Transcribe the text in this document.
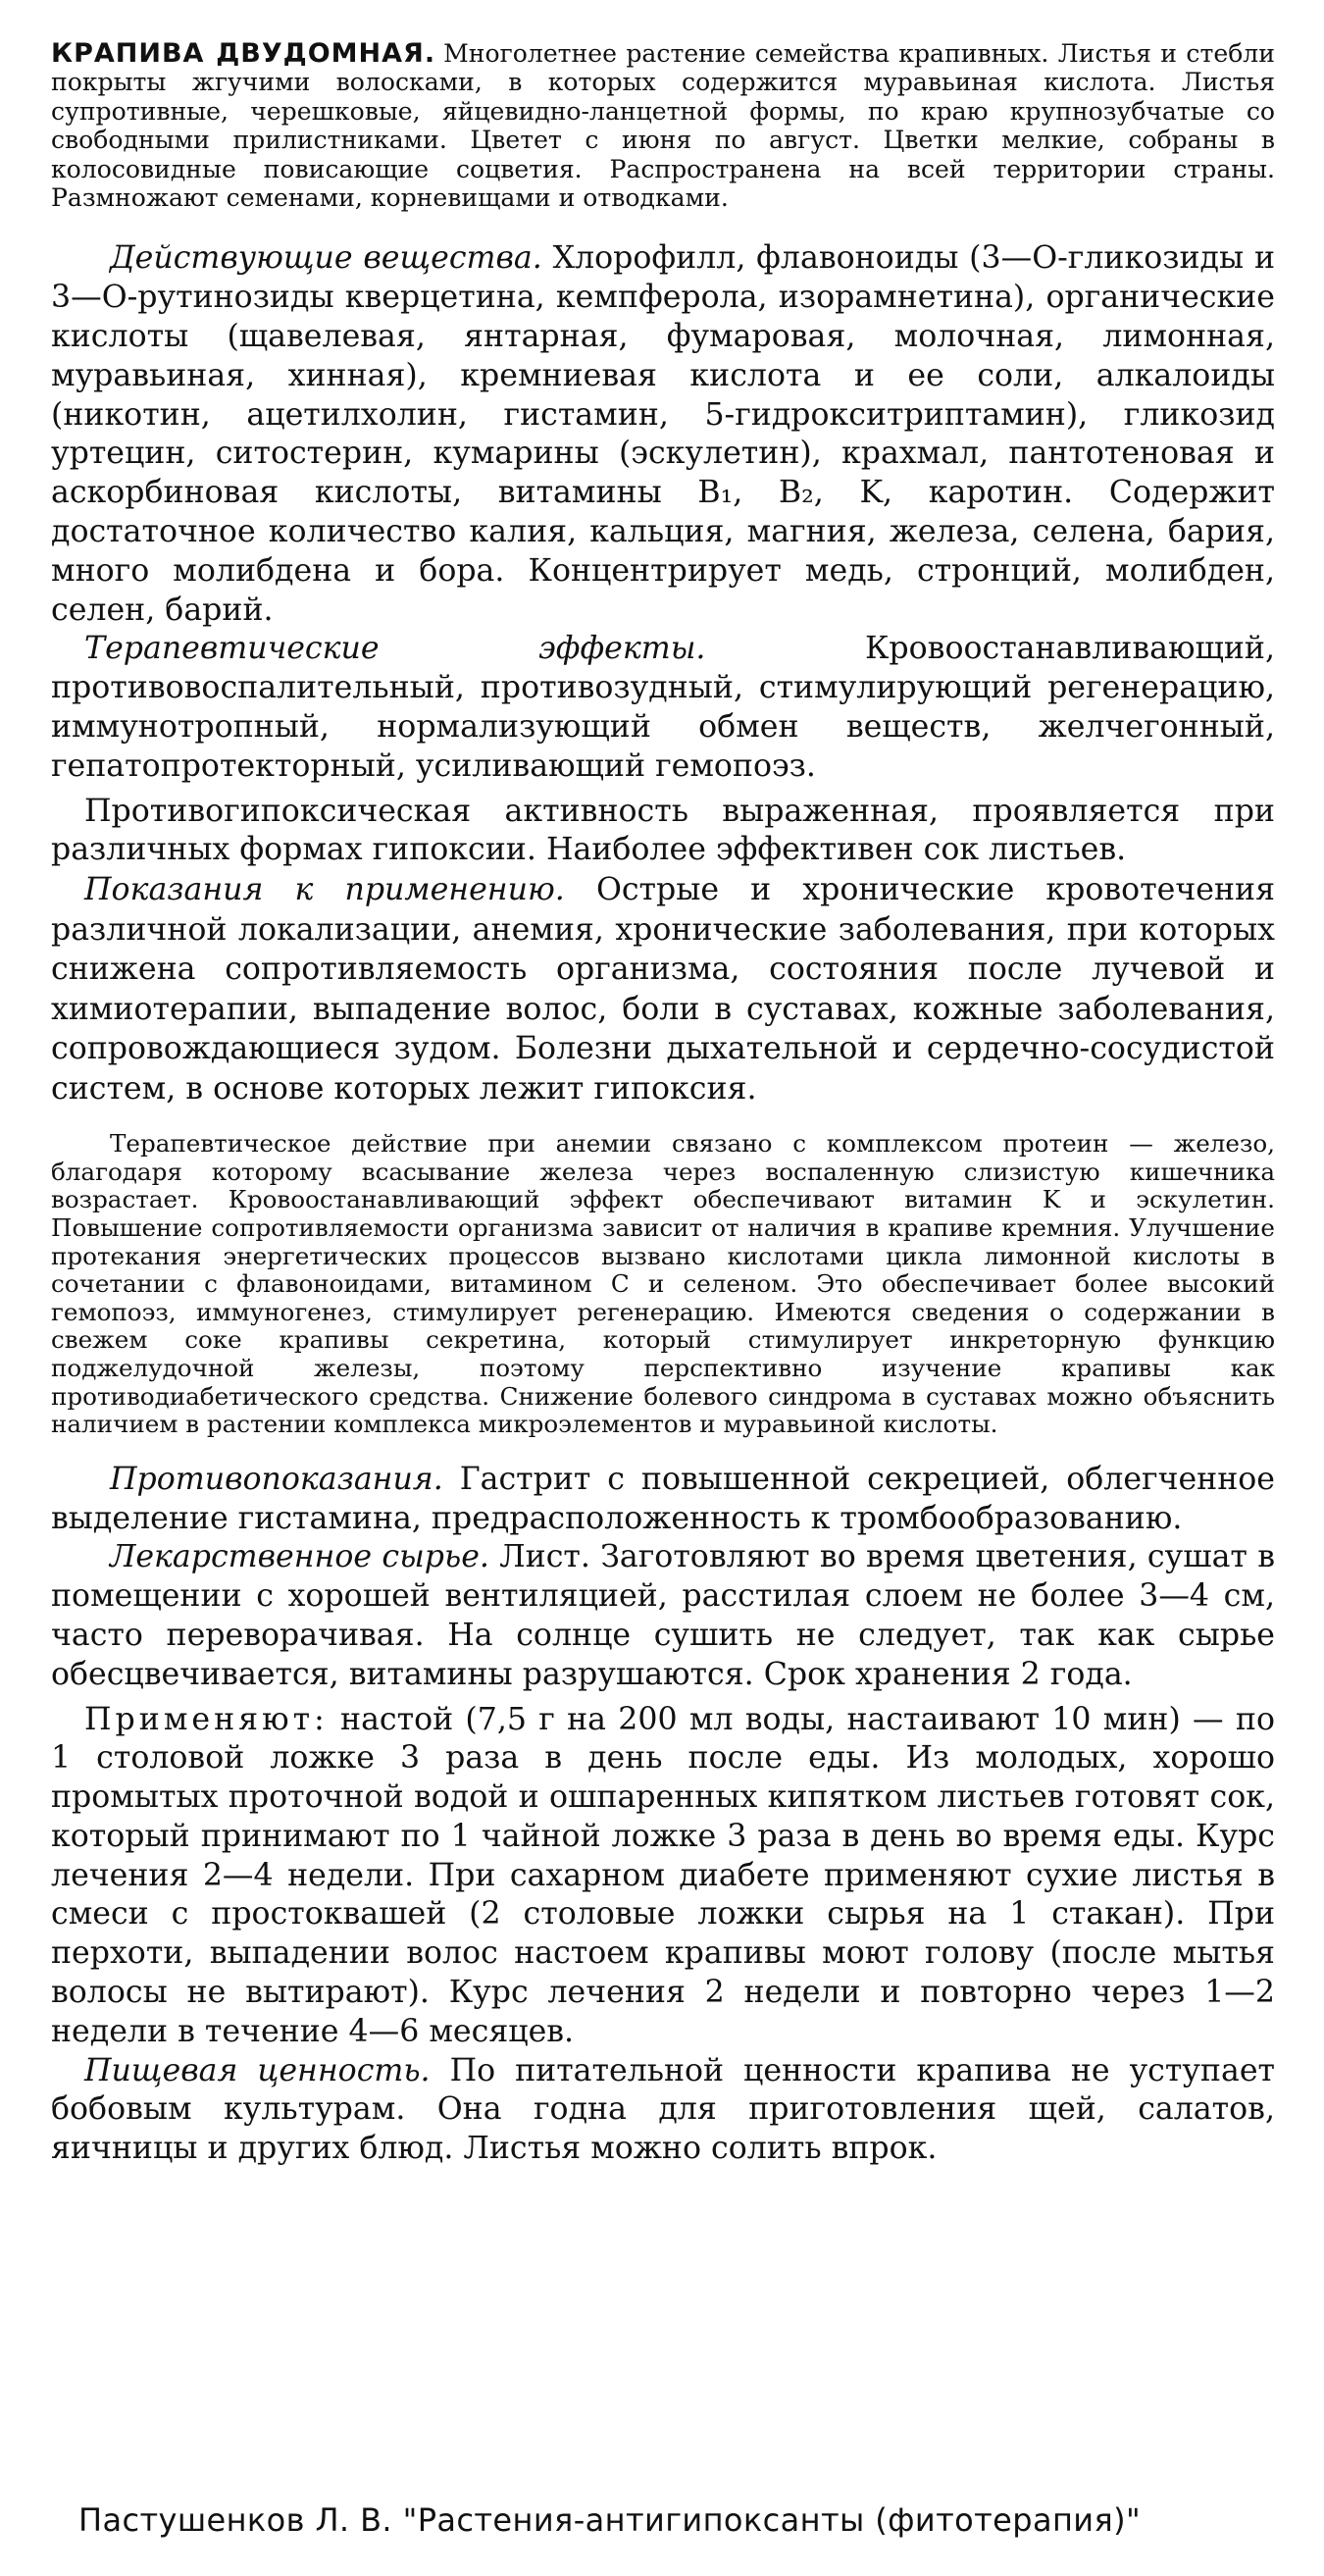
КРАПИВА ДВУДОМНАЯ. Многолетнее растение семейства крапивных. Листья и стебли покрыты жгучими волосками, в которых содержится муравьиная кислота. Листья супротивные, черешковые, яйцевидно-ланцетной формы, по краю крупнозубчатые со свободными прилистниками. Цветет с июня по август. Цветки мелкие, собраны в колосовидные повисающие соцветия. Распространена на всей территории страны. Размножают семенами, корневищами и отводками.

Действующие вещества. Хлорофилл, флавоноиды (3—О-гликозиды и 3—О-рутинозиды кверцетина, кемпферола, изорамнетина), органические кислоты (щавелевая, янтарная, фумаровая, молочная, лимонная, муравьиная, хинная), кремниевая кислота и ее соли, алкалоиды (никотин, ацетилхолин, гистамин, 5-гидрокситриптамин), гликозид уртецин, ситостерин, кумарины (эскулетин), крахмал, пантотеновая и аскорбиновая кислоты, витамины B₁, B₂, K, каротин. Содержит достаточное количество калия, кальция, магния, железа, селена, бария, много молибдена и бора. Концентрирует медь, стронций, молибден, селен, барий.

Терапевтические эффекты.	Кровоостанавливающий, противовоспалительный, противозудный, стимулирующий регенерацию, иммунотропный, нормализующий обмен веществ, желчегонный, гепатопротекторный, усиливающий гемопоэз.

Противогипоксическая активность выраженная, проявляется при различных формах гипоксии. Наиболее эффективен сок листьев.

Показания к применению. Острые и хронические кровотечения различной локализации, анемия, хронические заболевания, при которых снижена сопротивляемость организма, состояния после лучевой и химиотерапии, выпадение волос, боли в суставах, кожные заболевания, сопровождающиеся зудом. Болезни дыхательной и сердечно-сосудистой систем, в основе которых лежит гипоксия.

Терапевтическое действие при анемии связано с комплексом протеин — железо, благодаря которому всасывание железа через воспаленную слизистую кишечника возрастает. Кровоостанавливающий эффект обеспечивают витамин K и эскулетин. Повышение сопротивляемости организма зависит от наличия в крапиве кремния. Улучшение протекания энергетических процессов вызвано кислотами цикла лимонной кислоты в сочетании с флавоноидами, витамином C и селеном. Это обеспечивает более высокий гемопоэз, иммуногенез, стимулирует регенерацию. Имеются сведения о содержании в свежем соке крапивы секретина, который стимулирует инкреторную функцию поджелудочной железы, поэтому перспективно изучение крапивы как противодиабетического средства. Снижение болевого синдрома в суставах можно объяснить наличием в растении комплекса микроэлементов и муравьиной кислоты.

Противопоказания. Гастрит с повышенной секрецией, облегченное выделение гистамина, предрасположенность к тромбообразованию.

Лекарственное сырье. Лист. Заготовляют во время цветения, сушат в помещении с хорошей вентиляцией, расстилая слоем не более 3—4 см, часто переворачивая. На солнце сушить не следует, так как сырье обесцвечивается, витамины разрушаются. Срок хранения 2 года.

Применяют: настой (7,5 г на 200 мл воды, настаивают 10 мин) — по 1 столовой ложке 3 раза в день после еды. Из молодых, хорошо промытых проточной водой и ошпаренных кипятком листьев готовят сок, который принимают по 1 чайной ложке 3 раза в день во время еды. Курс лечения 2—4 недели. При сахарном диабете применяют сухие листья в смеси с простоквашей (2 столовые ложки сырья на 1 стакан). При перхоти, выпадении волос настоем крапивы моют голову (после мытья волосы не вытирают). Курс лечения 2 недели и повторно через 1—2 недели в течение 4—6 месяцев.

Пищевая ценность. По питательной ценности крапива не уступает бобовым культурам. Она годна для приготовления щей, салатов, яичницы и других блюд. Листья можно солить впрок.

Пастушенков Л. В. "Растения-антигипоксанты (фитотерапия)"
